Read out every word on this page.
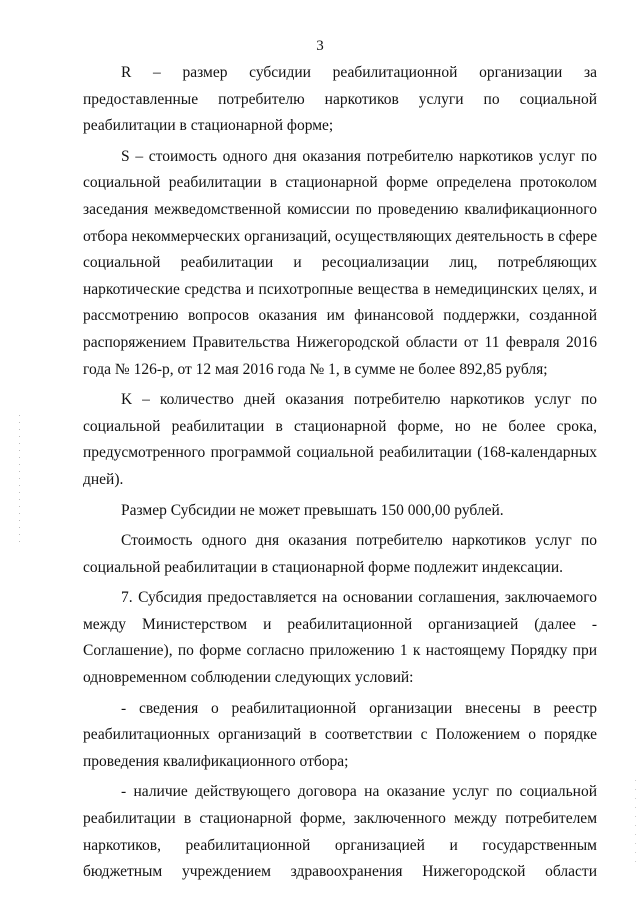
3
R – размер субсидии реабилитационной организации за
предоставленные потребителю наркотиков услуги по социальной
реабилитации в стационарной форме;
S – стоимость одного дня оказания потребителю наркотиков услуг по
социальной реабилитации в стационарной форме определена протоколом
заседания межведомственной комиссии по проведению квалификационного
отбора некоммерческих организаций, осуществляющих деятельность в сфере
социальной реабилитации и ресоциализации лиц, потребляющих
наркотические средства и психотропные вещества в немедицинских целях, и
рассмотрению вопросов оказания им финансовой поддержки, созданной
распоряжением Правительства Нижегородской области от 11 февраля 2016
года № 126-р, от 12 мая 2016 года № 1, в сумме не более 892,85 рубля;
K – количество дней оказания потребителю наркотиков услуг по
социальной реабилитации в стационарной форме, но не более срока,
предусмотренного программой социальной реабилитации (168-календарных
дней).
Размер Субсидии не может превышать 150 000,00 рублей.
Стоимость одного дня оказания потребителю наркотиков услуг по
социальной реабилитации в стационарной форме подлежит индексации.
7. Субсидия предоставляется на основании соглашения, заключаемого
между Министерством и реабилитационной организацией (далее -
Соглашение), по форме согласно приложению 1 к настоящему Порядку при
одновременном соблюдении следующих условий:
- сведения о реабилитационной организации внесены в реестр
реабилитационных организаций в соответствии с Положением о порядке
проведения квалификационного отбора;
- наличие действующего договора на оказание услуг по социальной
реабилитации в стационарной форме, заключенного между потребителем
наркотиков, реабилитационной организацией и государственным
бюджетным учреждением здравоохранения Нижегородской области
